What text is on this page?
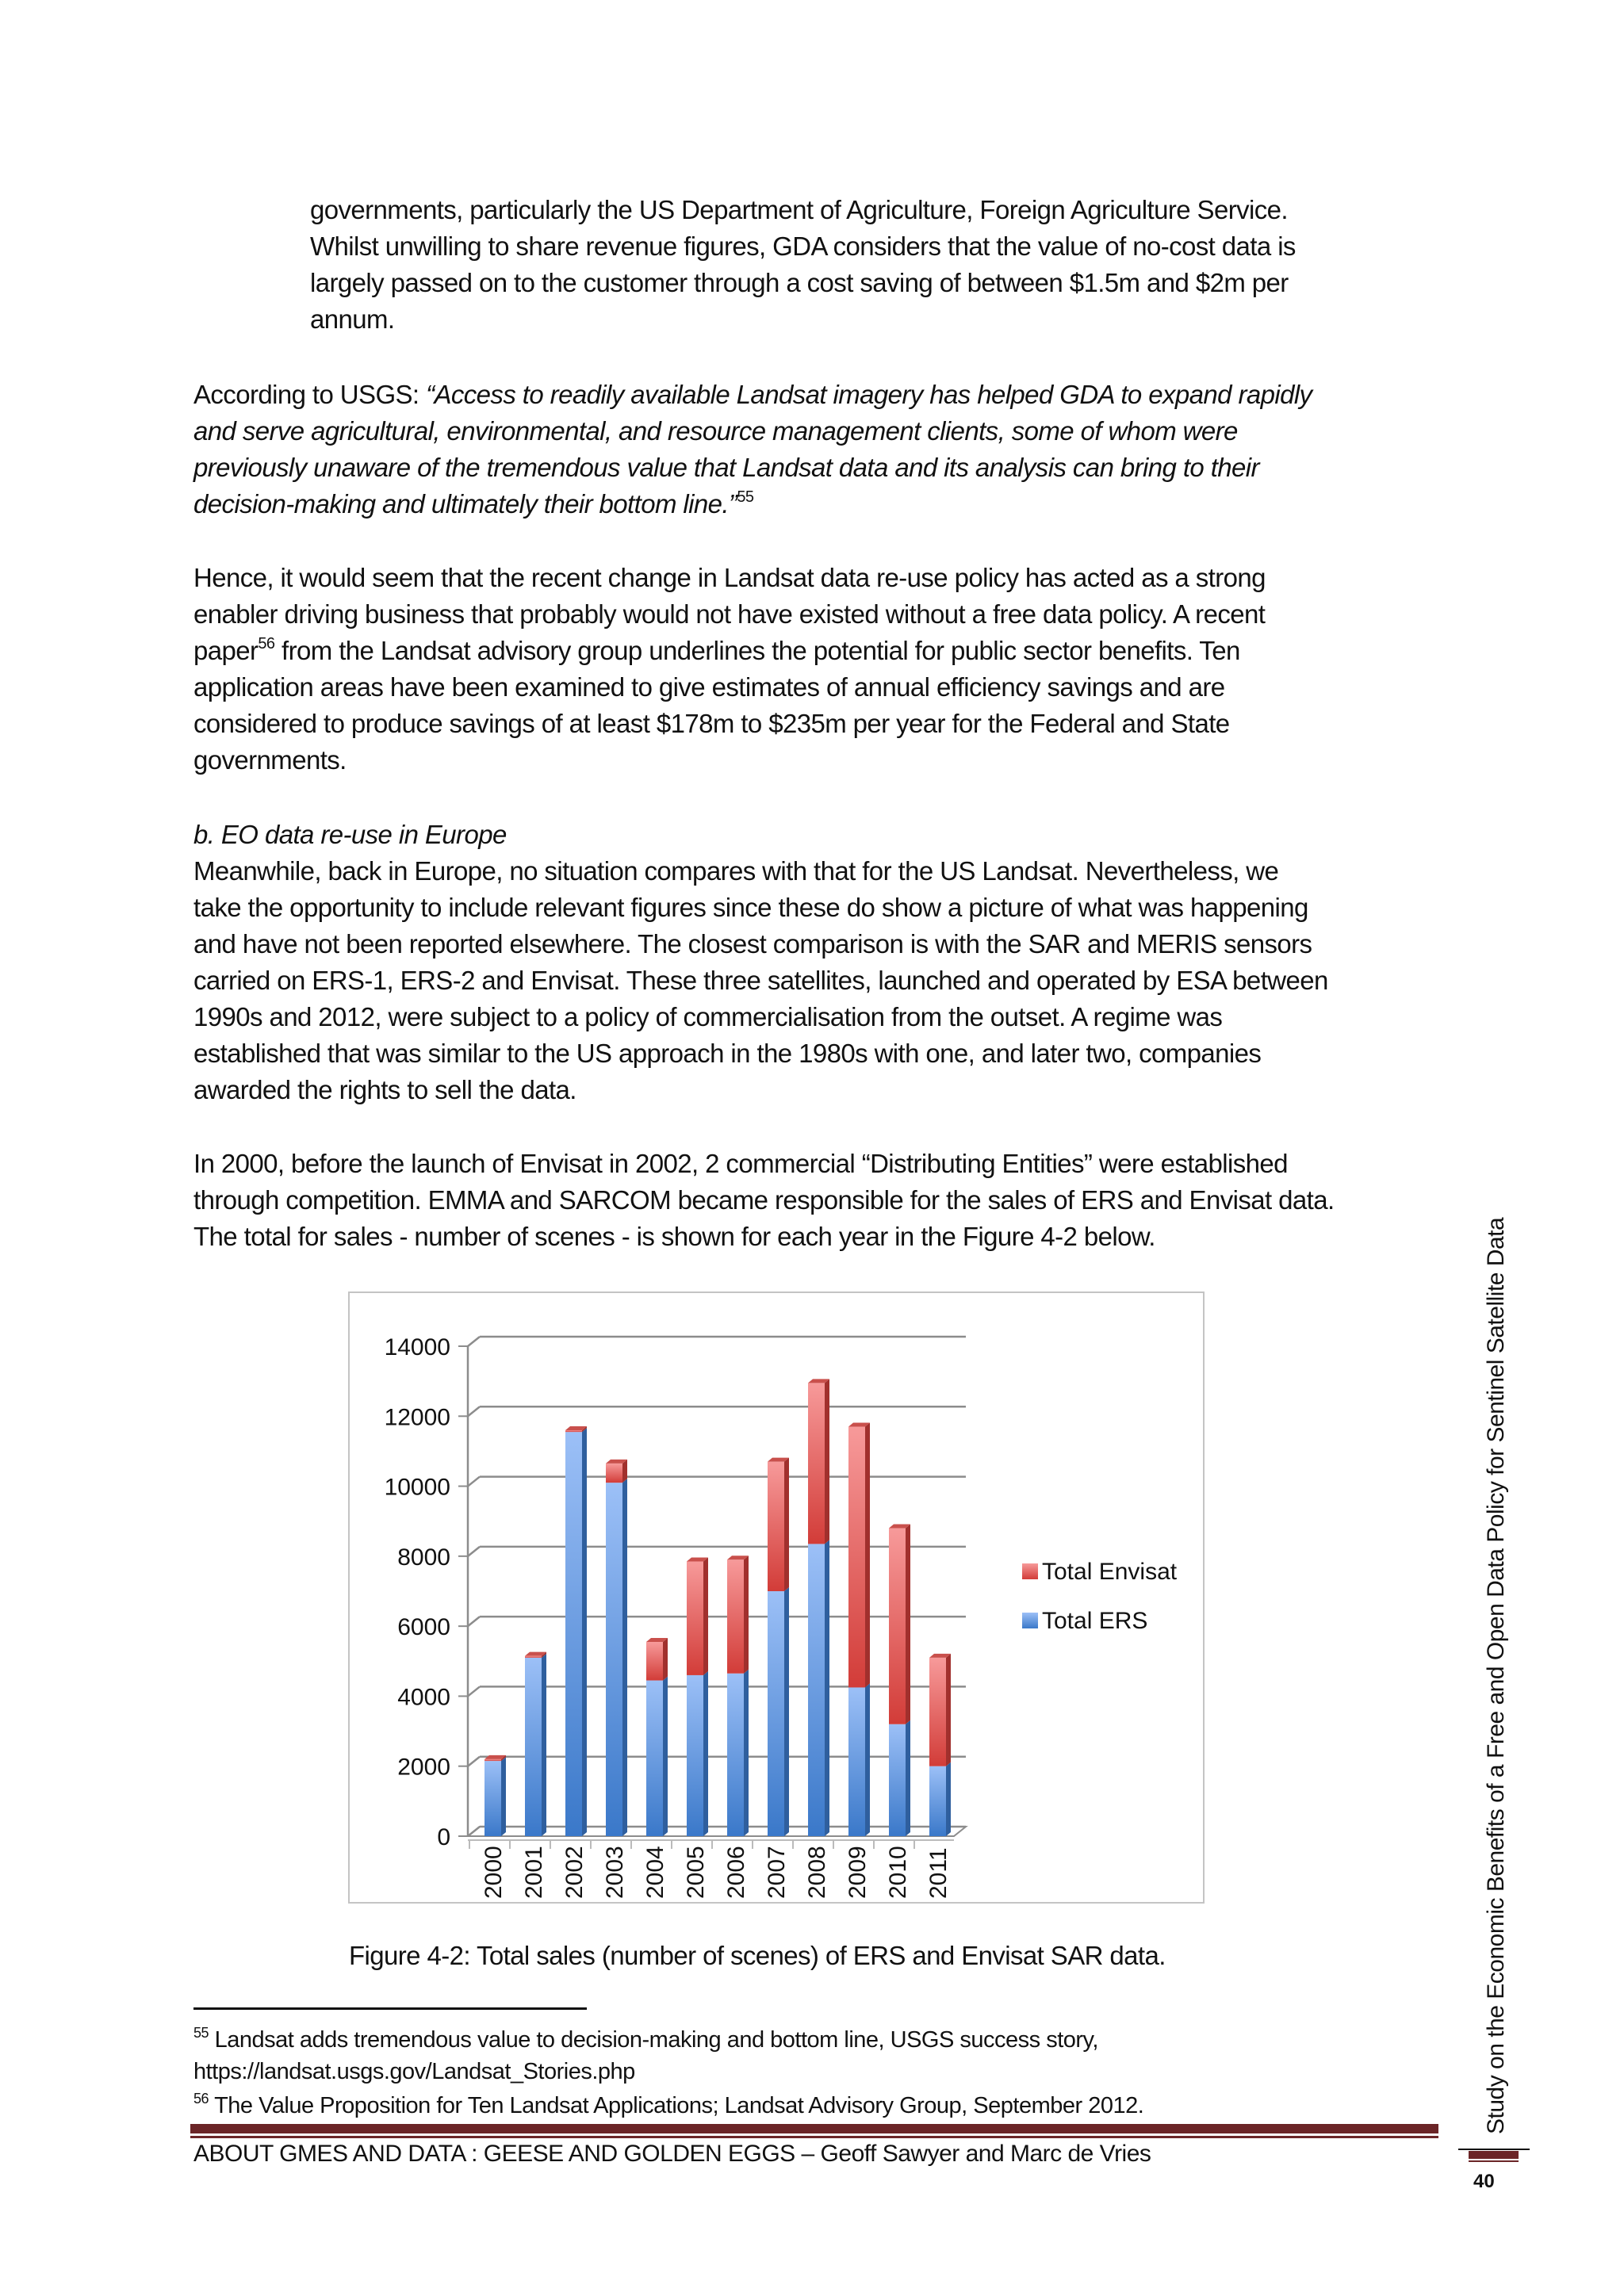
governments, particularly the US Department of Agriculture, Foreign Agriculture Service.

Whilst unwilling to share revenue figures, GDA considers that the value of no-cost data is

largely passed on to the customer through a cost saving of between $1.5m and $2m per

annum.

According to USGS: “Access to readily available Landsat imagery has helped GDA to expand rapidly

and serve agricultural, environmental, and resource management clients, some of whom were

previously unaware of the tremendous value that Landsat data and its analysis can bring to their

decision-making and ultimately their bottom line.”$^{55}$

Hence, it would seem that the recent change in Landsat data re-use policy has acted as a strong

enabler driving business that probably would not have existed without a free data policy. A recent

paper$^{56}$ from the Landsat advisory group underlines the potential for public sector benefits. Ten

application areas have been examined to give estimates of annual efficiency savings and are

considered to produce savings of at least $178m to $235m per year for the Federal and State

governments.

b. EO data re-use in Europe

Meanwhile, back in Europe, no situation compares with that for the US Landsat. Nevertheless, we

take the opportunity to include relevant figures since these do show a picture of what was happening

and have not been reported elsewhere. The closest comparison is with the SAR and MERIS sensors

carried on ERS-1, ERS-2 and Envisat. These three satellites, launched and operated by ESA between

1990s and 2012, were subject to a policy of commercialisation from the outset. A regime was

established that was similar to the US approach in the 1980s with one, and later two, companies

awarded the rights to sell the data.

In 2000, before the launch of Envisat in 2002, 2 commercial “Distributing Entities” were established

through competition. EMMA and SARCOM became responsible for the sales of ERS and Envisat data.

The total for sales - number of scenes - is shown for each year in the Figure 4-2 below.

0
2000
4000
6000
8000
10000
12000
14000
2000 2001 2002 2003 2004 2005 2006 2007 2008 2009 2010 2011
Total Envisat
Total ERS
Figure 4-2: Total sales (number of scenes) of ERS and Envisat SAR data.
$^{55}$ Landsat adds tremendous value to decision-making and bottom line, USGS success story,
https://landsat.usgs.gov/Landsat_Stories.php
$^{56}$ The Value Proposition for Ten Landsat Applications; Landsat Advisory Group, September 2012.
ABOUT GMES AND DATA : GEESE AND GOLDEN EGGS – Geoff Sawyer and Marc de Vries
Study on the Economic Benefits of a Free and Open Data Policy for Sentinel Satellite Data
40
